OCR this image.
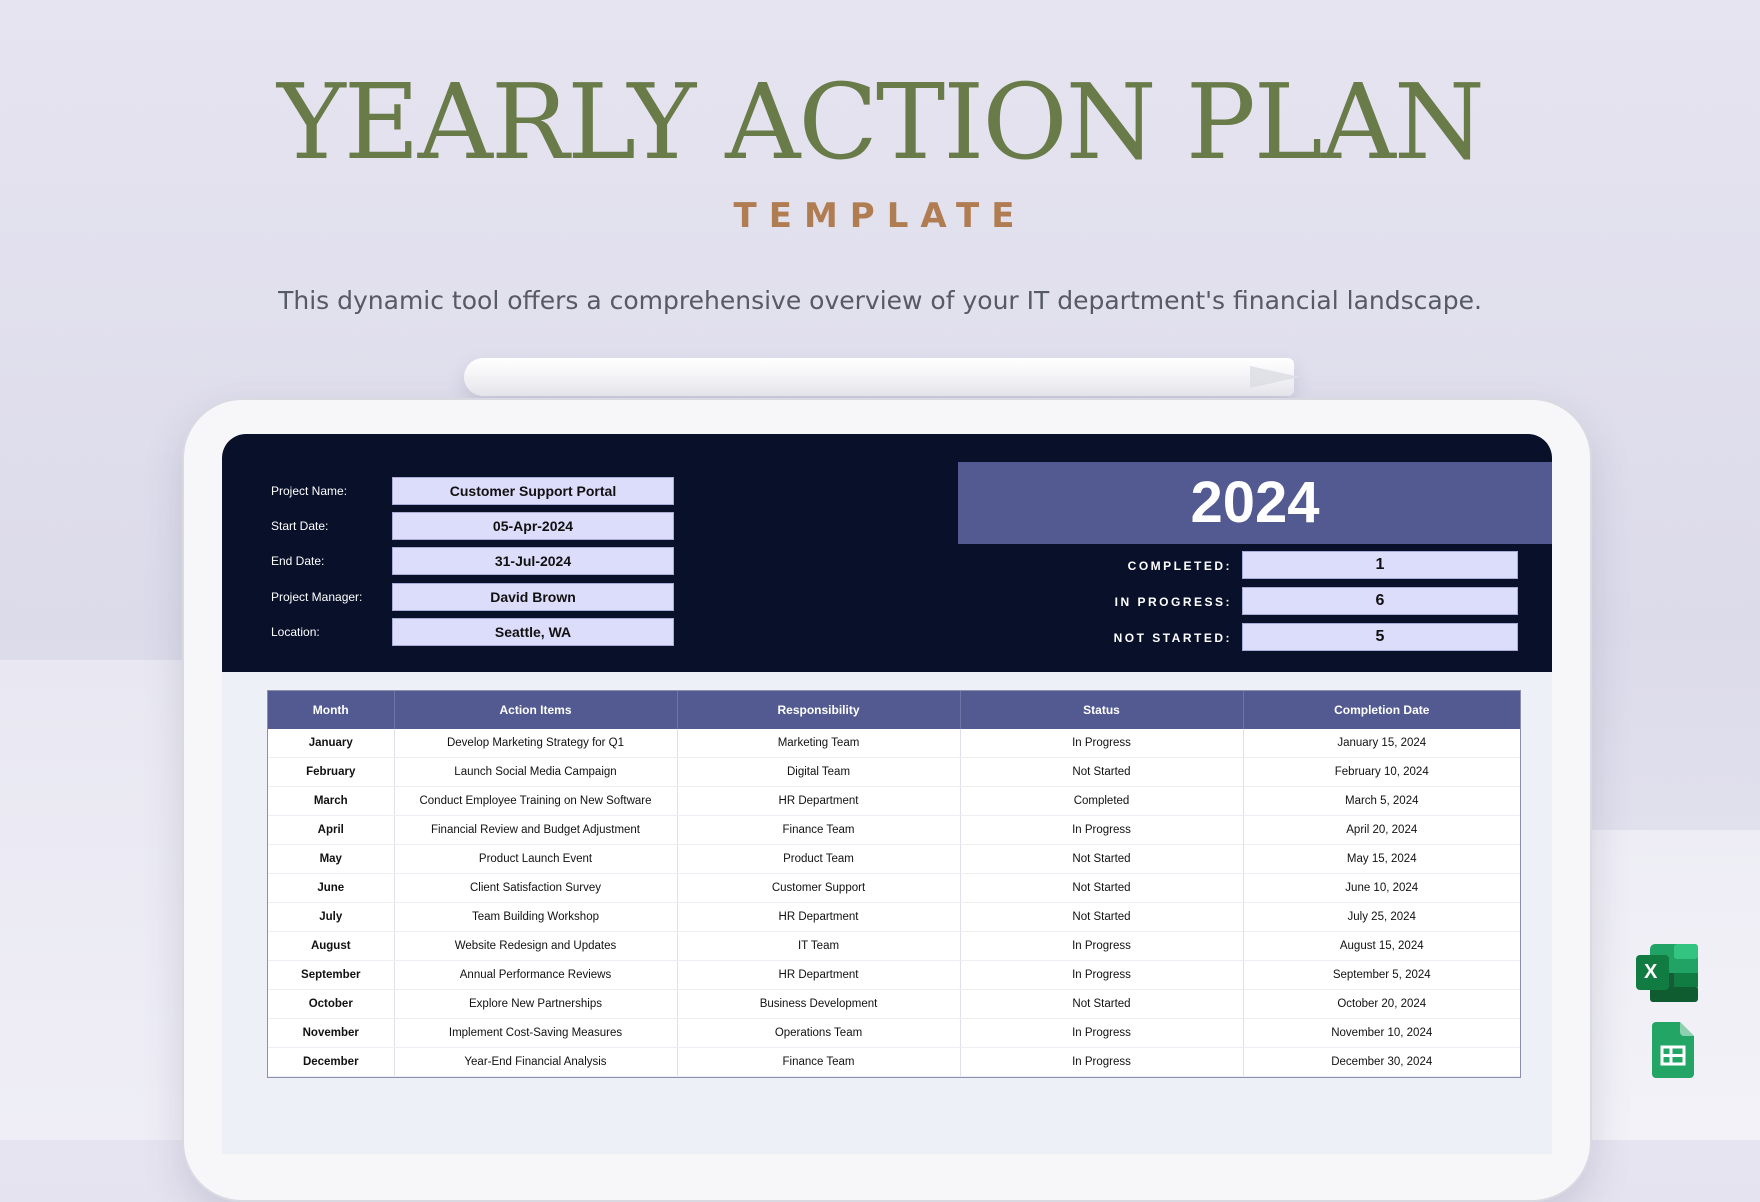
YEARLY ACTION PLAN
TEMPLATE
This dynamic tool offers a comprehensive overview of your IT department's financial landscape.
Project Name:	Customer Support Portal
Start Date:	05-Apr-2024
End Date:	31-Jul-2024
Project Manager:	David Brown
Location:	Seattle, WA
2024
COMPLETED:	1
IN PROGRESS:	6
NOT STARTED:	5
Month	Action Items	Responsibility	Status	Completion Date
January	Develop Marketing Strategy for Q1	Marketing Team	In Progress	January 15, 2024
February	Launch Social Media Campaign	Digital Team	Not Started	February 10, 2024
March	Conduct Employee Training on New Software	HR Department	Completed	March 5, 2024
April	Financial Review and Budget Adjustment	Finance Team	In Progress	April 20, 2024
May	Product Launch Event	Product Team	Not Started	May 15, 2024
June	Client Satisfaction Survey	Customer Support	Not Started	June 10, 2024
July	Team Building Workshop	HR Department	Not Started	July 25, 2024
August	Website Redesign and Updates	IT Team	In Progress	August 15, 2024
September	Annual Performance Reviews	HR Department	In Progress	September 5, 2024
October	Explore New Partnerships	Business Development	Not Started	October 20, 2024
November	Implement Cost-Saving Measures	Operations Team	In Progress	November 10, 2024
December	Year-End Financial Analysis	Finance Team	In Progress	December 30, 2024
X
